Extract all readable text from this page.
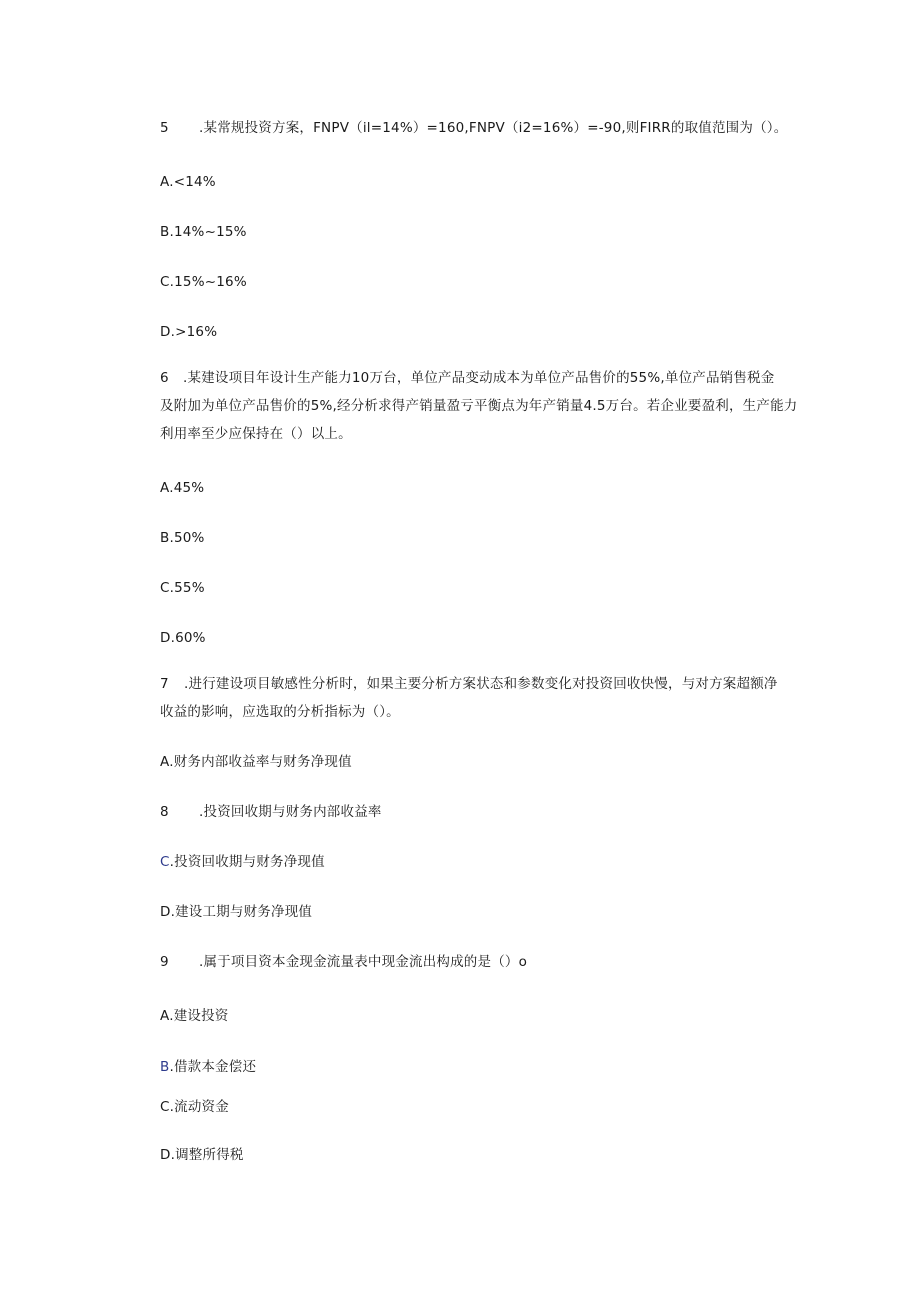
5 .某常规投资方案，FNPV（il=14%）=160,FNPV（i2=16%）=-90,则FIRR的取值范围为（）。
A.<14%
B.14%~15%
C.15%~16%
D.>16%
6 .某建设项目年设计生产能力10万台，单位产品变动成本为单位产品售价的55%,单位产品销售税金
及附加为单位产品售价的5%,经分析求得产销量盈亏平衡点为年产销量4.5万台。若企业要盈利，生产能力
利用率至少应保持在（）以上。
A.45%
B.50%
C.55%
D.60%
7 .进行建设项目敏感性分析时，如果主要分析方案状态和参数变化对投资回收快慢，与对方案超额净
收益的影响，应选取的分析指标为（）。
A.财务内部收益率与财务净现值
8 .投资回收期与财务内部收益率
C.投资回收期与财务净现值
D.建设工期与财务净现值
9 .属于项目资本金现金流量表中现金流出构成的是（）o
A.建设投资
B.借款本金偿还
C.流动资金
D.调整所得税
